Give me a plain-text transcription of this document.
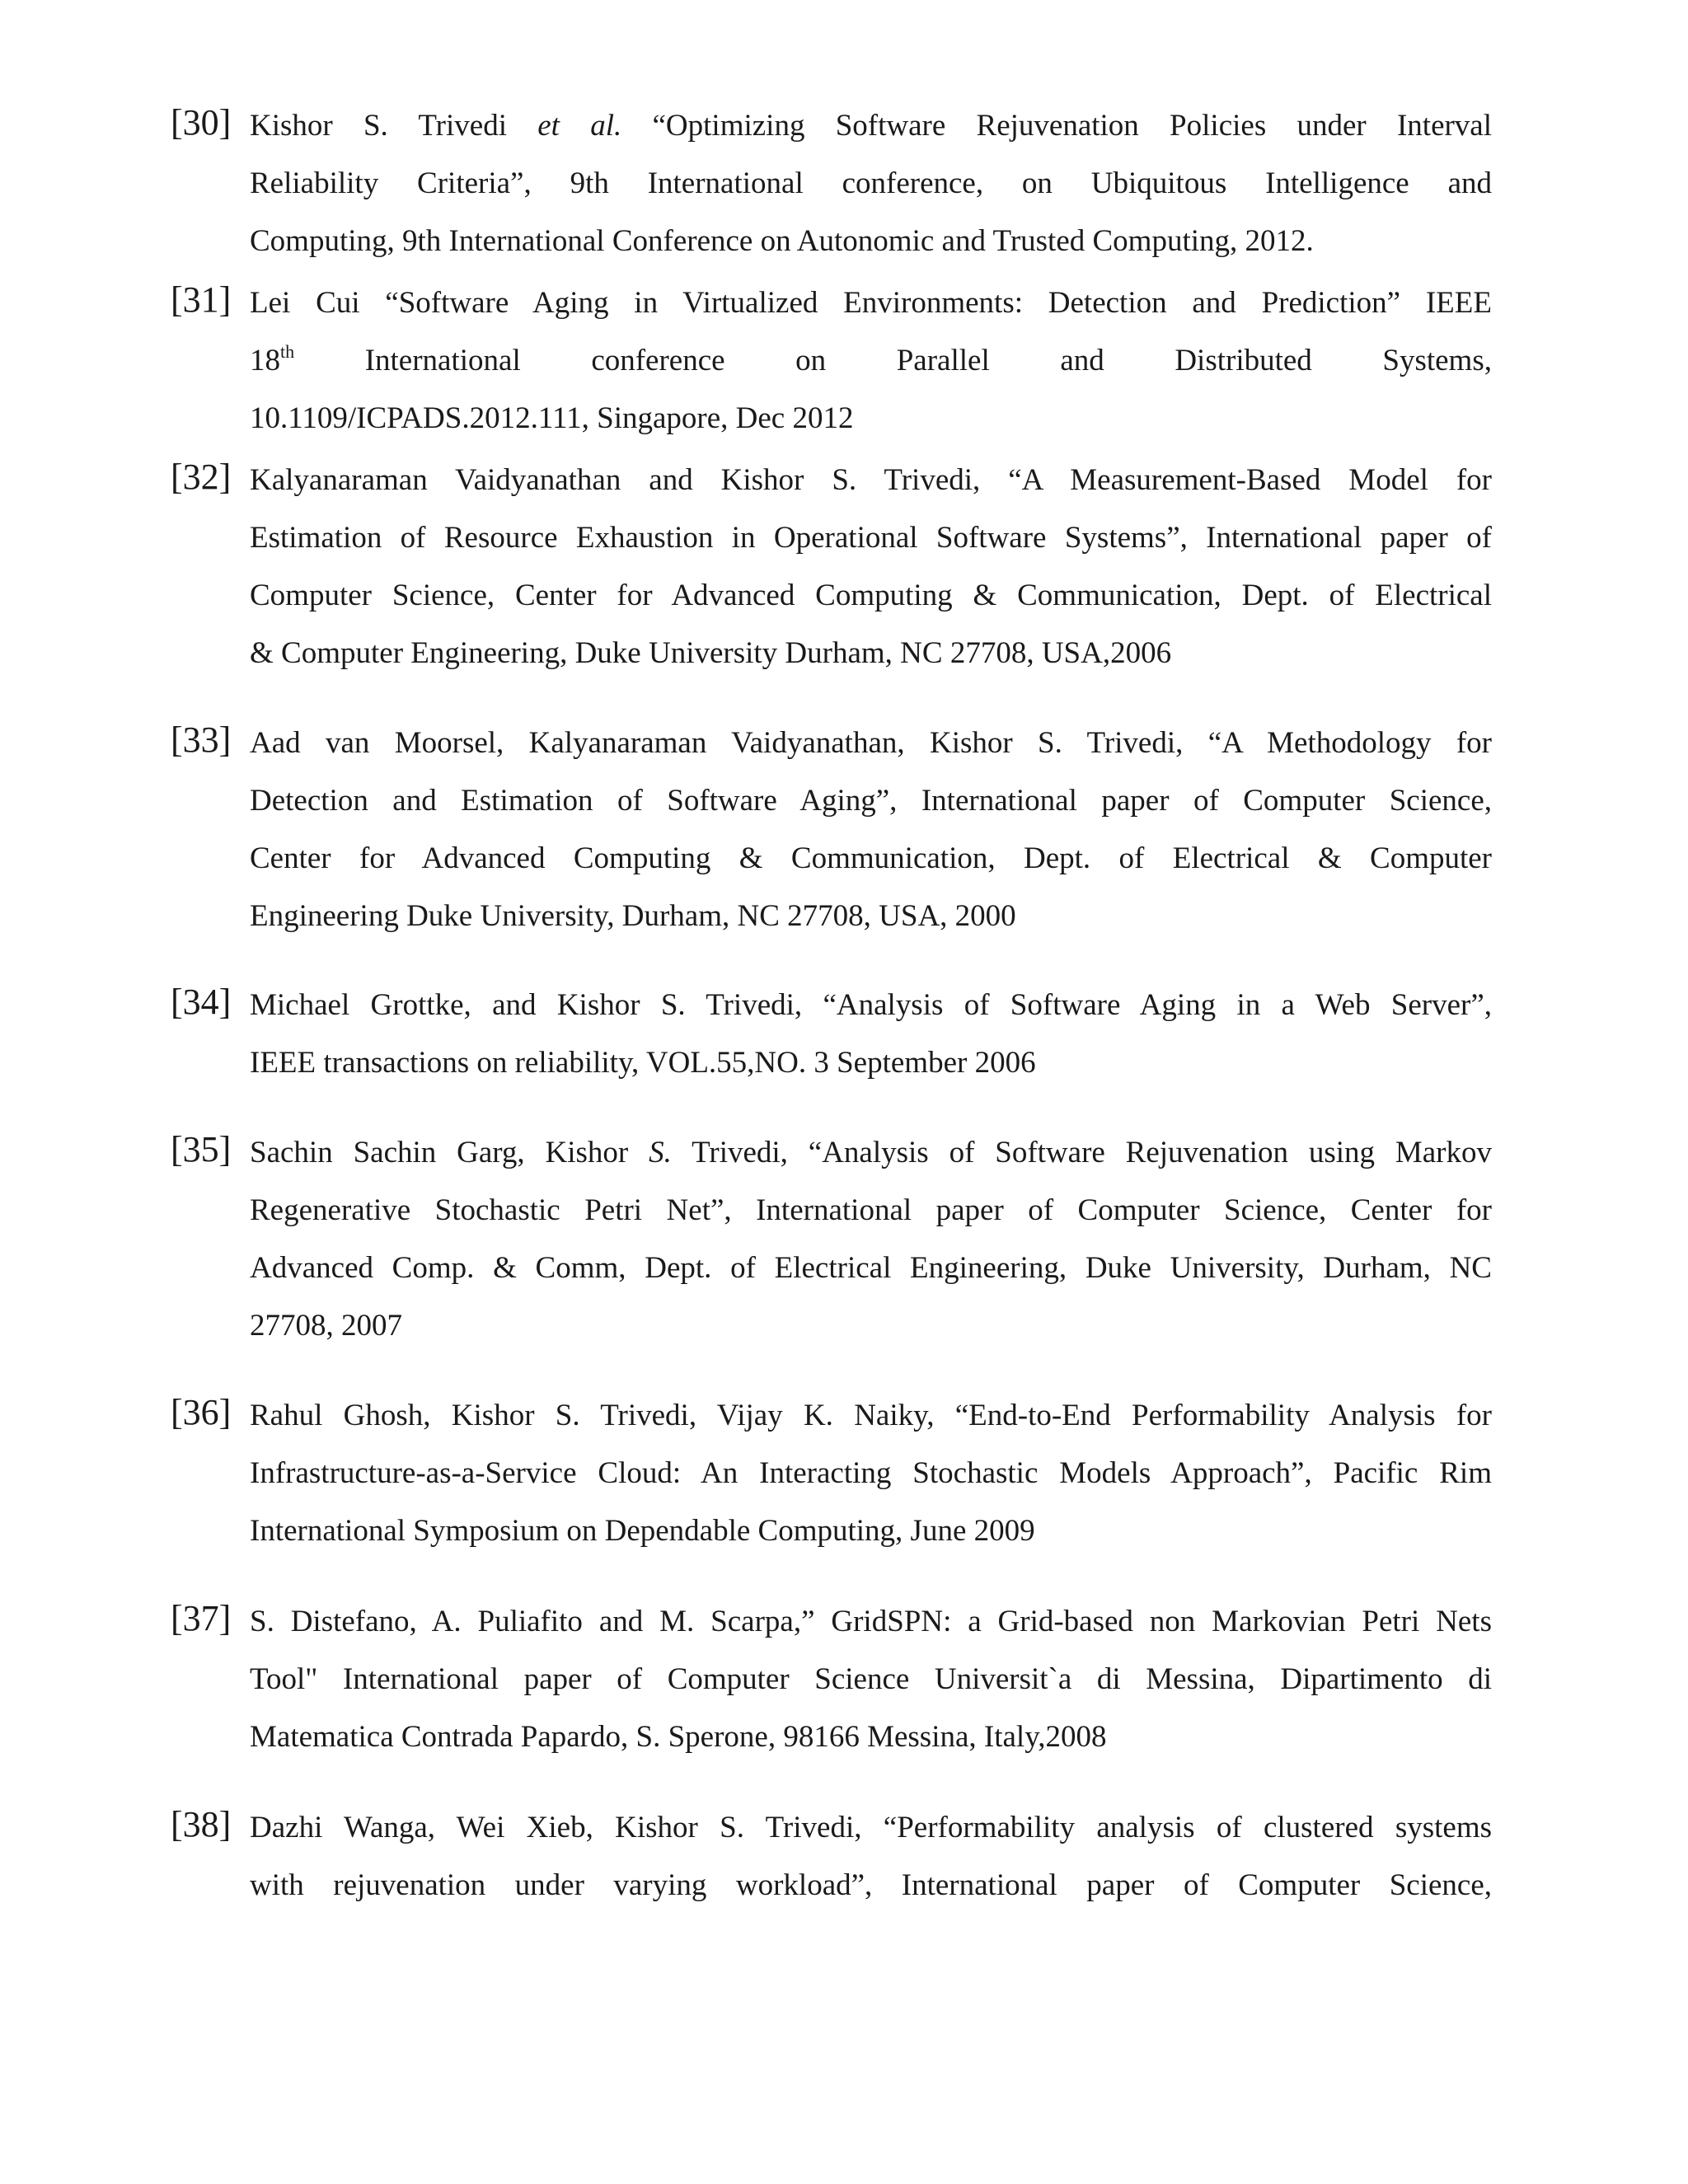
[30] Kishor S. Trivedi et al. “Optimizing Software Rejuvenation Policies under Interval
Reliability Criteria”, 9th International conference, on Ubiquitous Intelligence and
Computing, 9th International Conference on Autonomic and Trusted Computing, 2012.
[31] Lei Cui “Software Aging in Virtualized Environments: Detection and Prediction” IEEE
18th International conference on Parallel and Distributed Systems,
10.1109/ICPADS.2012.111, Singapore, Dec 2012
[32] Kalyanaraman Vaidyanathan and Kishor S. Trivedi, “A Measurement-Based Model for
Estimation of Resource Exhaustion in Operational Software Systems”, International paper of
Computer Science, Center for Advanced Computing & Communication, Dept. of Electrical
& Computer Engineering, Duke University Durham, NC 27708, USA,2006
[33] Aad van Moorsel, Kalyanaraman Vaidyanathan, Kishor S. Trivedi, “A Methodology for
Detection and Estimation of Software Aging”, International paper of Computer Science,
Center for Advanced Computing & Communication, Dept. of Electrical & Computer
Engineering Duke University, Durham, NC 27708, USA, 2000
[34] Michael Grottke, and Kishor S. Trivedi, “Analysis of Software Aging in a Web Server”,
IEEE transactions on reliability, VOL.55,NO. 3 September 2006
[35] Sachin Sachin Garg, Kishor S. Trivedi, “Analysis of Software Rejuvenation using Markov
Regenerative Stochastic Petri Net”, International paper of Computer Science, Center for
Advanced Comp. & Comm, Dept. of Electrical Engineering, Duke University, Durham, NC
27708, 2007
[36] Rahul Ghosh, Kishor S. Trivedi, Vijay K. Naiky, “End-to-End Performability Analysis for
Infrastructure-as-a-Service Cloud: An Interacting Stochastic Models Approach”, Pacific Rim
International Symposium on Dependable Computing, June 2009
[37] S. Distefano, A. Puliafito and M. Scarpa,” GridSPN: a Grid-based non Markovian Petri Nets
Tool" International paper of Computer Science Universit`a di Messina, Dipartimento di
Matematica Contrada Papardo, S. Sperone, 98166 Messina, Italy,2008
[38] Dazhi Wanga, Wei Xieb, Kishor S. Trivedi, “Performability analysis of clustered systems
with rejuvenation under varying workload”, International paper of Computer Science,
